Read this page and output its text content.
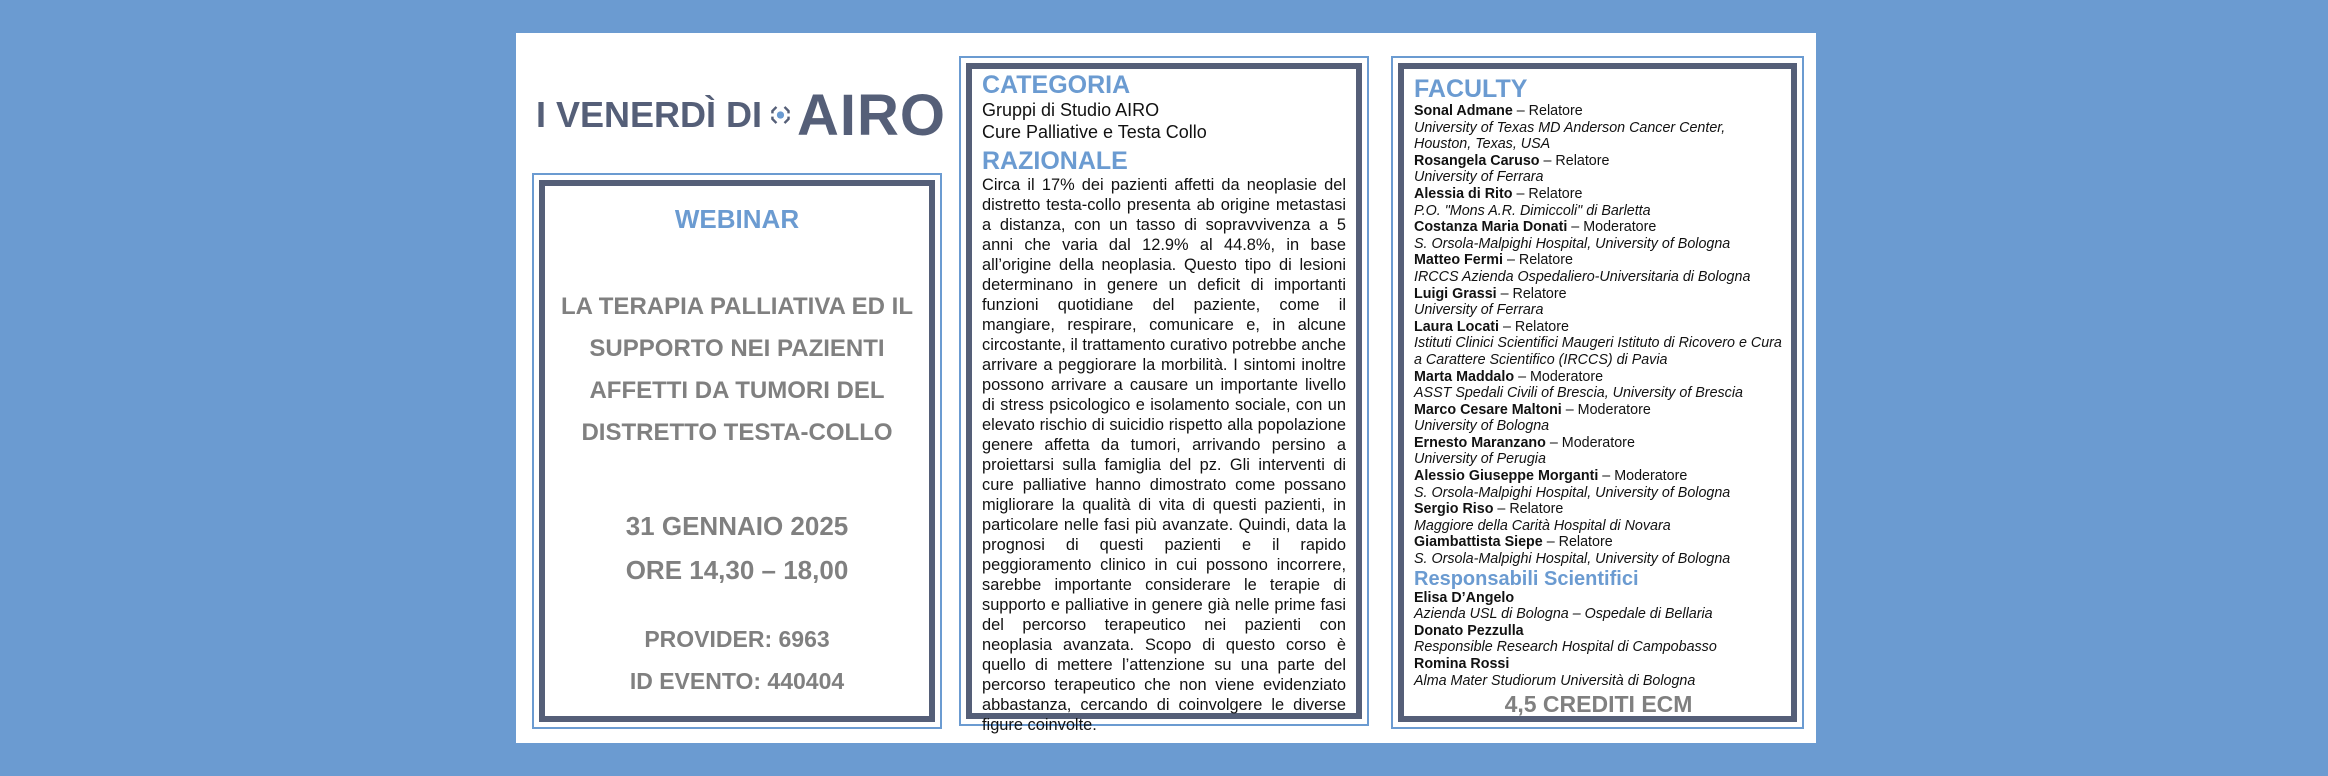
I VENERDÌ DI AIRO
WEBINAR
LA TERAPIA PALLIATIVA ED IL
SUPPORTO NEI PAZIENTI
AFFETTI DA TUMORI DEL
DISTRETTO TESTA-COLLO
31 GENNAIO 2025
ORE 14,30 – 18,00
PROVIDER: 6963
ID EVENTO: 440404
CATEGORIA
Gruppi di Studio AIRO
Cure Palliative e Testa Collo
RAZIONALE
Circa il 17% dei pazienti affetti da neoplasie del distretto testa-collo presenta ab origine metastasi a distanza, con un tasso di sopravvivenza a 5 anni che varia dal 12.9% al 44.8%, in base all’origine della neoplasia. Questo tipo di lesioni determinano in genere un deficit di importanti funzioni quotidiane del paziente, come il mangiare, respirare, comunicare e, in alcune circostante, il trattamento curativo potrebbe anche arrivare a peggiorare la morbilità. I sintomi inoltre possono arrivare a causare un importante livello di stress psicologico e isolamento sociale, con un elevato rischio di suicidio rispetto alla popolazione genere affetta da tumori, arrivando persino a proiettarsi sulla famiglia del pz. Gli interventi di cure palliative hanno dimostrato come possano migliorare la qualità di vita di questi pazienti, in particolare nelle fasi più avanzate. Quindi, data la prognosi di questi pazienti e il rapido peggioramento clinico in cui possono incorrere, sarebbe importante considerare le terapie di supporto e palliative in genere già nelle prime fasi del percorso terapeutico nei pazienti con neoplasia avanzata. Scopo di questo corso è quello di mettere l’attenzione su una parte del percorso terapeutico che non viene evidenziato abbastanza, cercando di coinvolgere le diverse figure coinvolte.
FACULTY
Sonal Admane – Relatore
University of Texas MD Anderson Cancer Center, Houston, Texas, USA
Rosangela Caruso – Relatore
University of Ferrara
Alessia di Rito – Relatore
P.O. "Mons A.R. Dimiccoli" di Barletta
Costanza Maria Donati – Moderatore
S. Orsola-Malpighi Hospital, University of Bologna
Matteo Fermi – Relatore
IRCCS Azienda Ospedaliero-Universitaria di Bologna
Luigi Grassi – Relatore
University of Ferrara
Laura Locati – Relatore
Istituti Clinici Scientifici Maugeri Istituto di Ricovero e Cura a Carattere Scientifico (IRCCS) di Pavia
Marta Maddalo – Moderatore
ASST Spedali Civili of Brescia, University of Brescia
Marco Cesare Maltoni – Moderatore
University of Bologna
Ernesto Maranzano – Moderatore
University of Perugia
Alessio Giuseppe Morganti – Moderatore
S. Orsola-Malpighi Hospital, University of Bologna
Sergio Riso – Relatore
Maggiore della Carità Hospital di Novara
Giambattista Siepe – Relatore
S. Orsola-Malpighi Hospital, University of Bologna
Responsabili Scientifici
Elisa D’Angelo
Azienda USL di Bologna – Ospedale di Bellaria
Donato Pezzulla
Responsible Research Hospital di Campobasso
Romina Rossi
Alma Mater Studiorum Università di Bologna
4,5 CREDITI ECM
